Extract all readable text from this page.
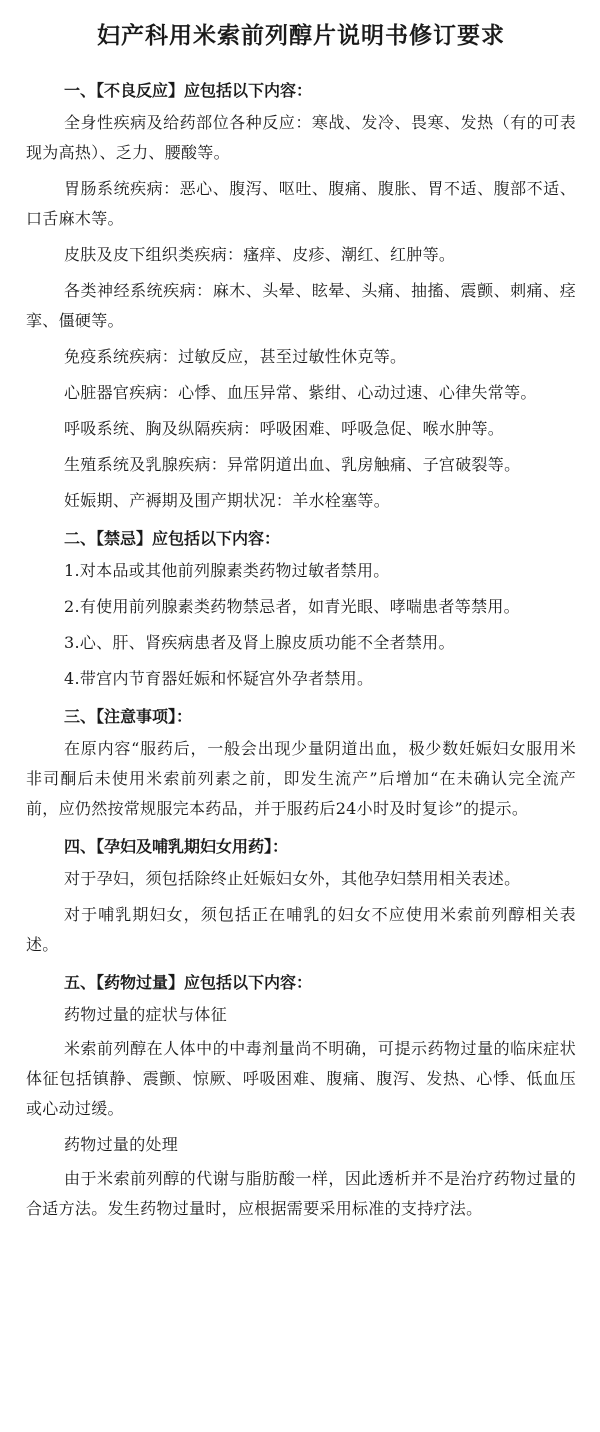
妇产科用米索前列醇片说明书修订要求
一、【不良反应】应包括以下内容：

全身性疾病及给药部位各种反应：寒战、发冷、畏寒、发热（有的可表现为高热）、乏力、腰酸等。

胃肠系统疾病：恶心、腹泻、呕吐、腹痛、腹胀、胃不适、腹部不适、口舌麻木等。

皮肤及皮下组织类疾病：瘙痒、皮疹、潮红、红肿等。

各类神经系统疾病：麻木、头晕、眩晕、头痛、抽搐、震颤、刺痛、痉挛、僵硬等。

免疫系统疾病：过敏反应，甚至过敏性休克等。

心脏器官疾病：心悸、血压异常、紫绀、心动过速、心律失常等。

呼吸系统、胸及纵隔疾病：呼吸困难、呼吸急促、喉水肿等。

生殖系统及乳腺疾病：异常阴道出血、乳房触痛、子宫破裂等。

妊娠期、产褥期及围产期状况：羊水栓塞等。

二、【禁忌】应包括以下内容：

1.对本品或其他前列腺素类药物过敏者禁用。

2.有使用前列腺素类药物禁忌者，如青光眼、哮喘患者等禁用。

3.心、肝、肾疾病患者及肾上腺皮质功能不全者禁用。

4.带宫内节育器妊娠和怀疑宫外孕者禁用。

三、【注意事项】：

在原内容“服药后，一般会出现少量阴道出血，极少数妊娠妇女服用米非司酮后未使用米索前列素之前，即发生流产”后增加“在未确认完全流产前，应仍然按常规服完本药品，并于服药后24小时及时复诊”的提示。

四、【孕妇及哺乳期妇女用药】：

对于孕妇，须包括除终止妊娠妇女外，其他孕妇禁用相关表述。

对于哺乳期妇女，须包括正在哺乳的妇女不应使用米索前列醇相关表述。

五、【药物过量】应包括以下内容：

药物过量的症状与体征

米索前列醇在人体中的中毒剂量尚不明确，可提示药物过量的临床症状体征包括镇静、震颤、惊厥、呼吸困难、腹痛、腹泻、发热、心悸、低血压或心动过缓。

药物过量的处理

由于米索前列醇的代谢与脂肪酸一样，因此透析并不是治疗药物过量的合适方法。发生药物过量时，应根据需要采用标准的支持疗法。
